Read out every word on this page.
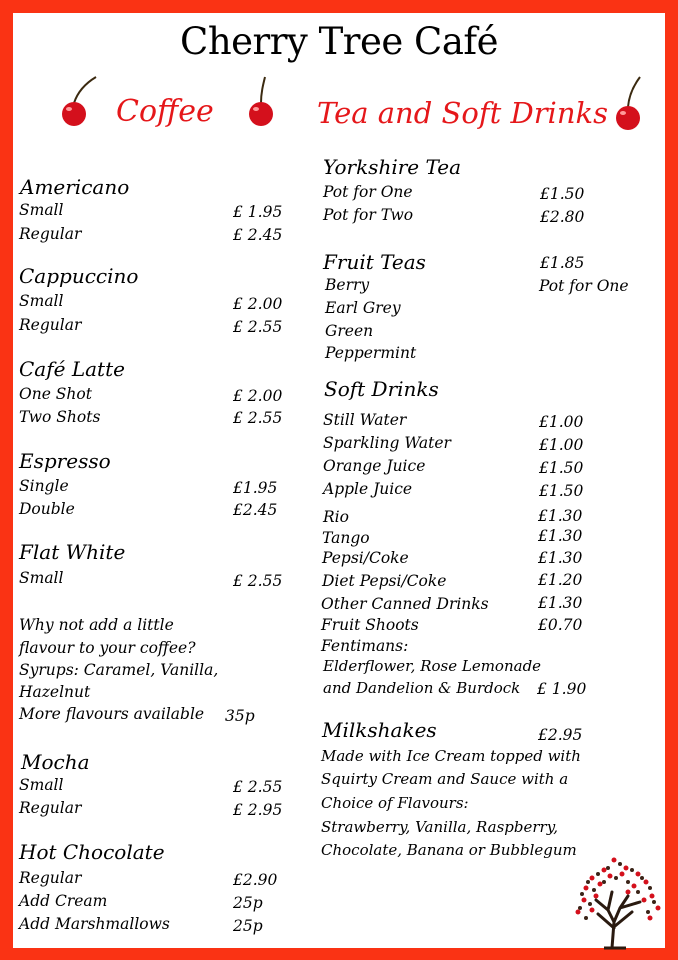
Cherry Tree Café
Coffee	Tea and Soft Drinks
Americano
Small	£ 1.95
Regular	£ 2.45
Cappuccino
Small	£ 2.00
Regular	£ 2.55
Café Latte
One Shot	£ 2.00
Two Shots	£ 2.55
Espresso
Single	£1.95
Double	£2.45
Flat White
Small	£ 2.55
Why not add a little
flavour to your coffee?
Syrups: Caramel, Vanilla,
Hazelnut
More flavours available 35p
Mocha
Small	£ 2.55
Regular	£ 2.95
Hot Chocolate
Regular	£2.90
Add Cream	25p
Add Marshmallows	25p
Yorkshire Tea
Pot for One	£1.50
Pot for Two	£2.80
Fruit Teas	£1.85
Pot for One
Berry
Earl Grey
Green
Peppermint
Soft Drinks
Still Water	£1.00
Sparkling Water	£1.00
Orange Juice	£1.50
Apple Juice	£1.50
Rio	£1.30
Tango	£1.30
Pepsi/Coke	£1.30
Diet Pepsi/Coke	£1.20
Other Canned Drinks	£1.30
Fruit Shoots	£0.70
Fentimans:
Elderflower, Rose Lemonade
and Dandelion & Burdock £ 1.90
Milkshakes	£2.95
Made with Ice Cream topped with
Squirty Cream and Sauce with a
Choice of Flavours:
Strawberry, Vanilla, Raspberry,
Chocolate, Banana or Bubblegum
